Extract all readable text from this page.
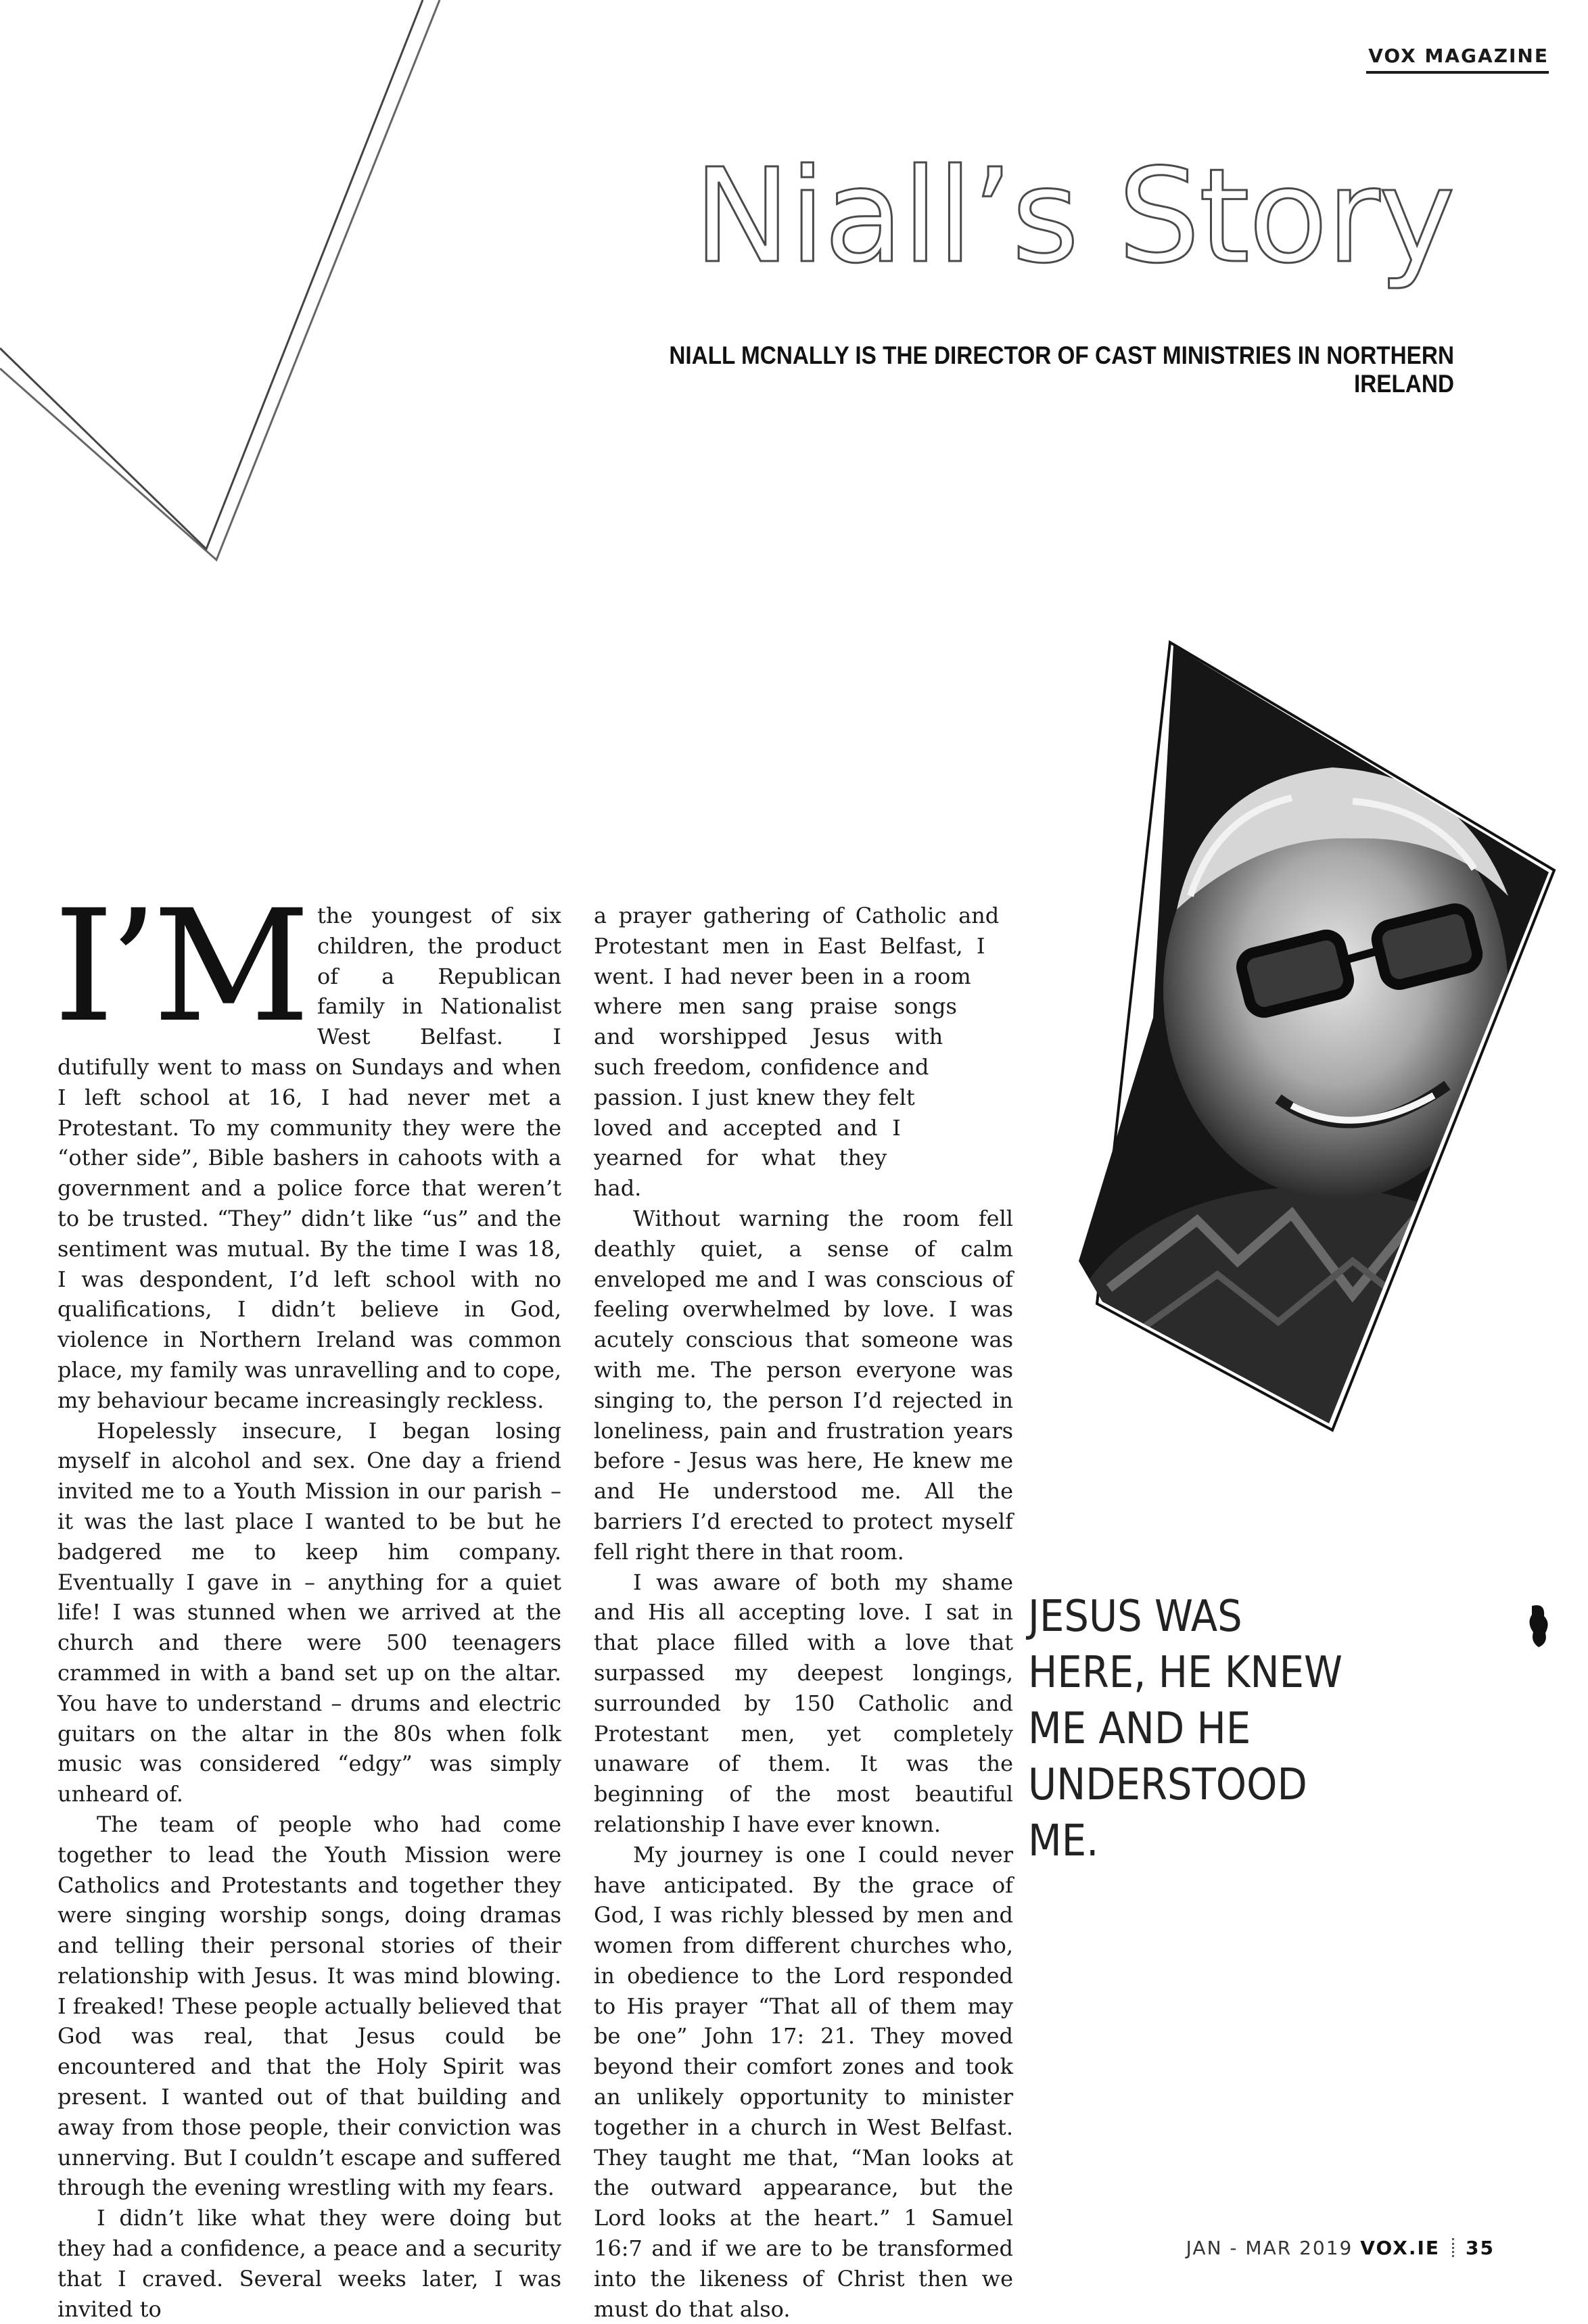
VOX MAGAZINE
Niall’s Story
NIALL MCNALLY IS THE DIRECTOR OF CAST MINISTRIES IN NORTHERN IRELAND
I’M the youngest of six children, the product of a Republican family in Nationalist West Belfast. I dutifully went to mass on Sundays and when I left school at 16, I had never met a Protestant. To my community they were the “other side”, Bible bashers in cahoots with a government and a police force that weren’t to be trusted. “They” didn’t like “us” and the sentiment was mutual. By the time I was 18, I was despondent, I’d left school with no qualifications, I didn’t believe in God, violence in Northern Ireland was common place, my family was unravelling and to cope, my behaviour became increasingly reckless.

Hopelessly insecure, I began losing myself in alcohol and sex. One day a friend invited me to a Youth Mission in our parish – it was the last place I wanted to be but he badgered me to keep him company. Eventually I gave in – anything for a quiet life! I was stunned when we arrived at the church and there were 500 teenagers crammed in with a band set up on the altar. You have to understand – drums and electric guitars on the altar in the 80s when folk music was considered “edgy” was simply unheard of.

The team of people who had come together to lead the Youth Mission were Catholics and Protestants and together they were singing worship songs, doing dramas and telling their personal stories of their relationship with Jesus. It was mind blowing. I freaked! These people actually believed that God was real, that Jesus could be encountered and that the Holy Spirit was present. I wanted out of that building and away from those people, their conviction was unnerving. But I couldn’t escape and suffered through the evening wrestling with my fears.

I didn’t like what they were doing but they had a confidence, a peace and a security that I craved. Several weeks later, I was invited to

a prayer gathering of Catholic and Protestant men in East Belfast, I went. I had never been in a room where men sang praise songs and worshipped Jesus with such freedom, confidence and passion. I just knew they felt loved and accepted and I yearned for what they had.

Without warning the room fell deathly quiet, a sense of calm enveloped me and I was conscious of feeling overwhelmed by love. I was acutely conscious that someone was with me. The person everyone was singing to, the person I’d rejected in loneliness, pain and frustration years before - Jesus was here, He knew me and He understood me. All the barriers I’d erected to protect myself fell right there in that room.

I was aware of both my shame and His all accepting love. I sat in that place filled with a love that surpassed my deepest longings, surrounded by 150 Catholic and Protestant men, yet completely unaware of them. It was the beginning of the most beautiful relationship I have ever known.

My journey is one I could never have anticipated. By the grace of God, I was richly blessed by men and women from different churches who, in obedience to the Lord responded to His prayer “That all of them may be one” John 17: 21. They moved beyond their comfort zones and took an unlikely opportunity to minister together in a church in West Belfast. They taught me that, “Man looks at the outward appearance, but the Lord looks at the heart.” 1 Samuel 16:7 and if we are to be transformed into the likeness of Christ then we must do that also.

JESUS WAS
HERE, HE KNEW
ME AND HE
UNDERSTOOD
ME.
JAN - MAR 2019 VOX.IE 35
